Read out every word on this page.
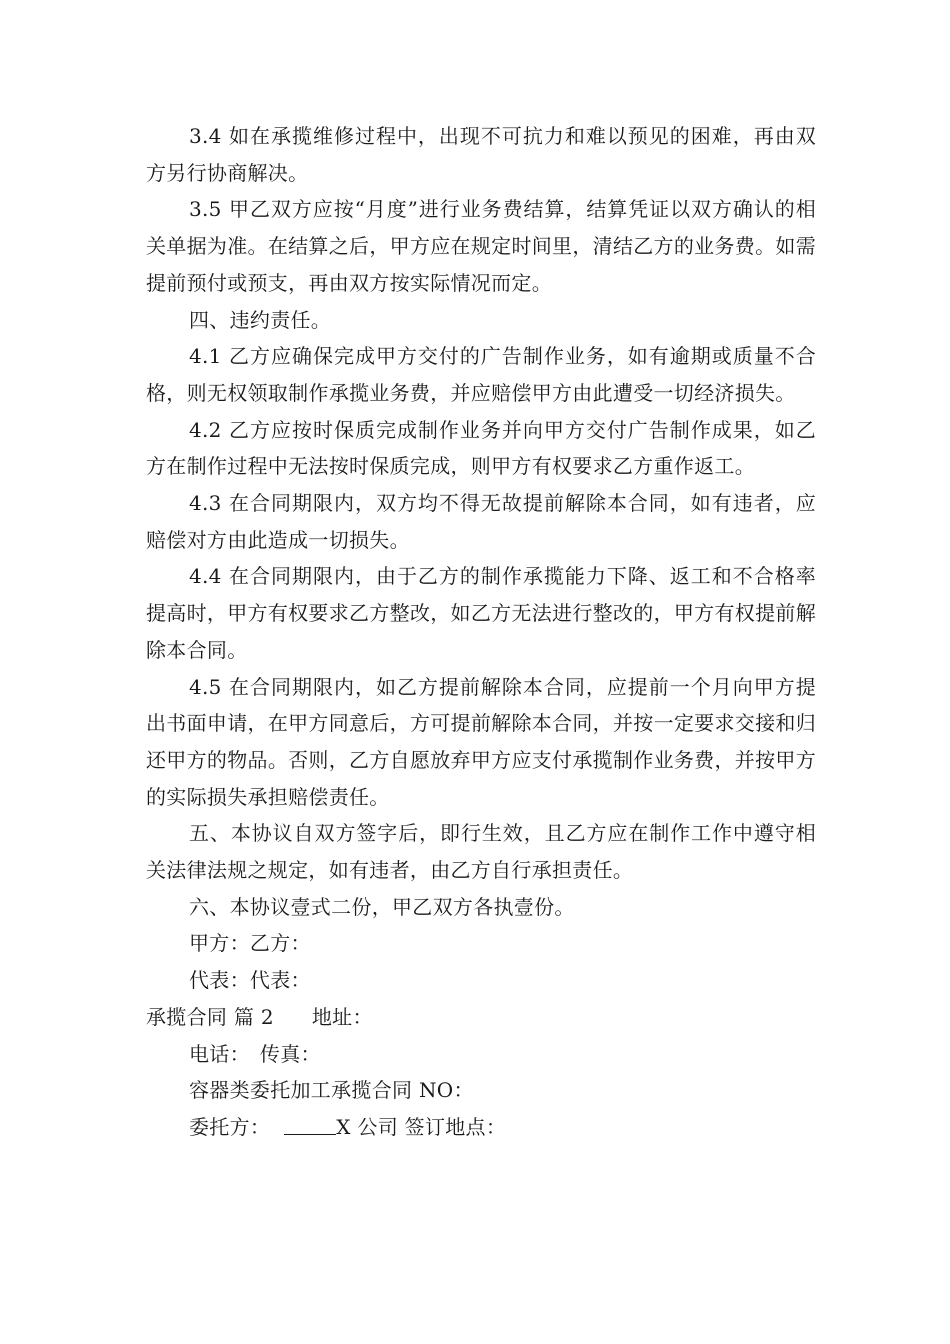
3.4 如在承揽维修过程中，出现不可抗力和难以预见的困难，再由双方另行协商解决。

3.5 甲乙双方应按“月度”进行业务费结算，结算凭证以双方确认的相关单据为准。在结算之后，甲方应在规定时间里，清结乙方的业务费。如需提前预付或预支，再由双方按实际情况而定。

四、违约责任。

4.1 乙方应确保完成甲方交付的广告制作业务，如有逾期或质量不合格，则无权领取制作承揽业务费，并应赔偿甲方由此遭受一切经济损失。

4.2 乙方应按时保质完成制作业务并向甲方交付广告制作成果，如乙方在制作过程中无法按时保质完成，则甲方有权要求乙方重作返工。

4.3 在合同期限内，双方均不得无故提前解除本合同，如有违者，应赔偿对方由此造成一切损失。

4.4 在合同期限内，由于乙方的制作承揽能力下降、返工和不合格率提高时，甲方有权要求乙方整改，如乙方无法进行整改的，甲方有权提前解除本合同。

4.5 在合同期限内，如乙方提前解除本合同，应提前一个月向甲方提出书面申请，在甲方同意后，方可提前解除本合同，并按一定要求交接和归还甲方的物品。否则，乙方自愿放弃甲方应支付承揽制作业务费，并按甲方的实际损失承担赔偿责任。

五、本协议自双方签字后，即行生效，且乙方应在制作工作中遵守相关法律法规之规定，如有违者，由乙方自行承担责任。

六、本协议壹式二份，甲乙双方各执壹份。

甲方：乙方：

代表：代表：

承揽合同 篇 2 地址：

电话： 传真：

容器类委托加工承揽合同 NO：

委托方：	X 公司 签订地点：
